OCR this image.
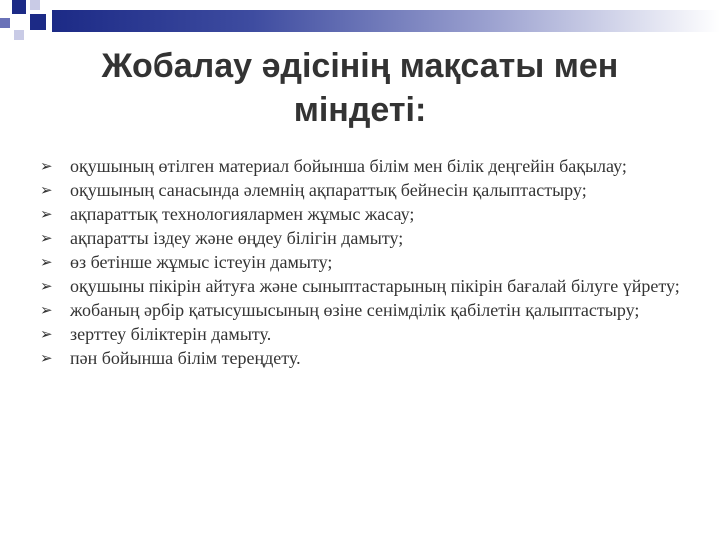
Жобалау әдісінің мақсаты мен
міндеті:
➢ оқушының өтілген материал бойынша білім мен білік деңгейін бақылау;
➢ оқушының санасында әлемнің ақпараттық бейнесін қалыптастыру;
➢ ақпараттық технологиялармен жұмыс жасау;
➢ ақпаратты іздеу және өңдеу білігін дамыту;
➢ өз бетінше жұмыс істеуін дамыту;
➢ оқушыны пікірін айтуға және сыныптастарының пікірін бағалай білуге үйрету;
➢ жобаның әрбір қатысушысының өзіне сенімділік қабілетін қалыптастыру;
➢ зерттеу біліктерін дамыту.
➢ пән бойынша білім тереңдету.
